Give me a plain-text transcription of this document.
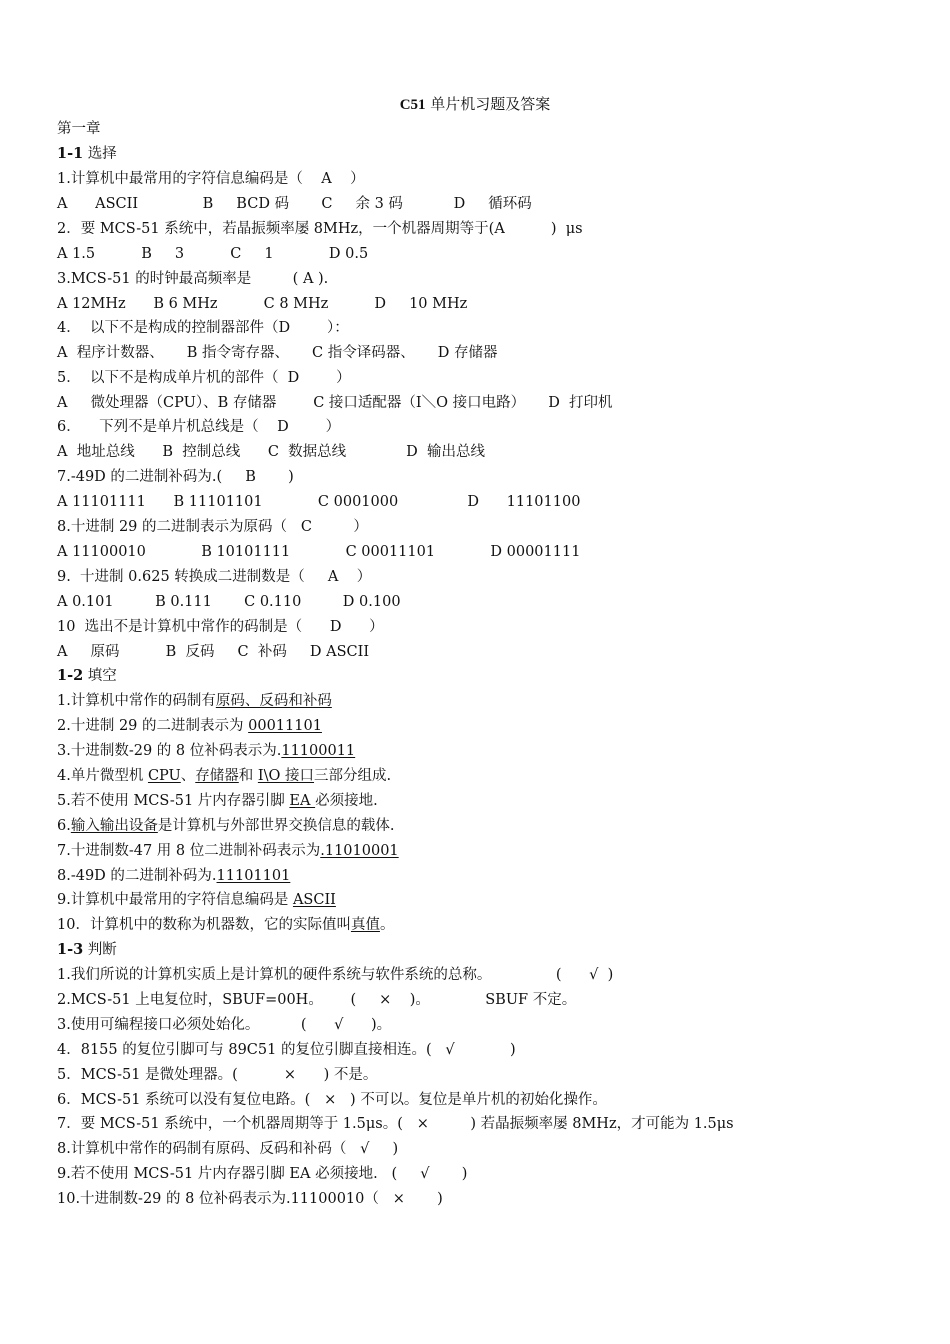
C51 单片机习题及答案
第一章
1-1 选择
1.计算机中最常用的字符信息编码是（    A    ）
A      ASCII              B     BCD 码       C     余 3 码           D     循环码
2．要 MCS-51 系统中，若晶振频率屡 8MHz，一个机器周期等于(A          )  μs
A 1.5          B     3          C     1            D 0.5
3.MCS-51 的时钟最高频率是         ( A ).
A 12MHz      B 6 MHz          C 8 MHz          D     10 MHz
4．  以下不是构成的控制器部件（D        ）：
A  程序计数器、     B 指令寄存器、     C 指令译码器、     D 存储器
5．  以下不是构成单片机的部件（  D        ）
A     微处理器（CPU）、B 存储器        C 接口适配器（I＼O 接口电路）     D  打印机
6．    下列不是单片机总线是（    D        ）
A  地址总线      B  控制总线      C  数据总线             D  输出总线
7.-49D 的二进制补码为.(     B       )
A 11101111      B 11101101            C 0001000               D      11101100
8.十进制 29 的二进制表示为原码（   C         ）
A 11100010            B 10101111            C 00011101            D 00001111
9.  十进制 0.625 转换成二进制数是（     A    ）
A 0.101         B 0.111       C 0.110         D 0.100
10  选出不是计算机中常作的码制是（      D      ）
A     原码          B  反码     C  补码     D ASCII
1-2 填空
1.计算机中常作的码制有原码、反码和补码
2.十进制 29 的二进制表示为 00011101
3.十进制数-29 的 8 位补码表示为.11100011
4.单片微型机 CPU、存储器和 I\O 接口三部分组成.
5.若不使用 MCS-51 片内存器引脚 EA 必须接地.
6.输入输出设备是计算机与外部世界交换信息的载体.
7.十进制数-47 用 8 位二进制补码表示为.11010001
8.-49D 的二进制补码为.11101101
9.计算机中最常用的字符信息编码是 ASCII
10．计算机中的数称为机器数，它的实际值叫真值。
1-3 判断
1.我们所说的计算机实质上是计算机的硬件系统与软件系统的总称。              (      √  )
2.MCS-51 上电复位时，SBUF=00H。      (     ×    )。            SBUF 不定。
3.使用可编程接口必须处始化。         (      √      )。
4．8155 的复位引脚可与 89C51 的复位引脚直接相连。(   √            )
5．MCS-51 是微处理器。(          ×      ) 不是。
6．MCS-51 系统可以没有复位电路。(   ×   ) 不可以。复位是单片机的初始化操作。
7．要 MCS-51 系统中，一个机器周期等于 1.5μs。(   ×         ) 若晶振频率屡 8MHz，才可能为 1.5μs
8.计算机中常作的码制有原码、反码和补码（   √     )
9.若不使用 MCS-51 片内存器引脚 EA 必须接地.   (     √       )
10.十进制数-29 的 8 位补码表示为.11100010（   ×       )
